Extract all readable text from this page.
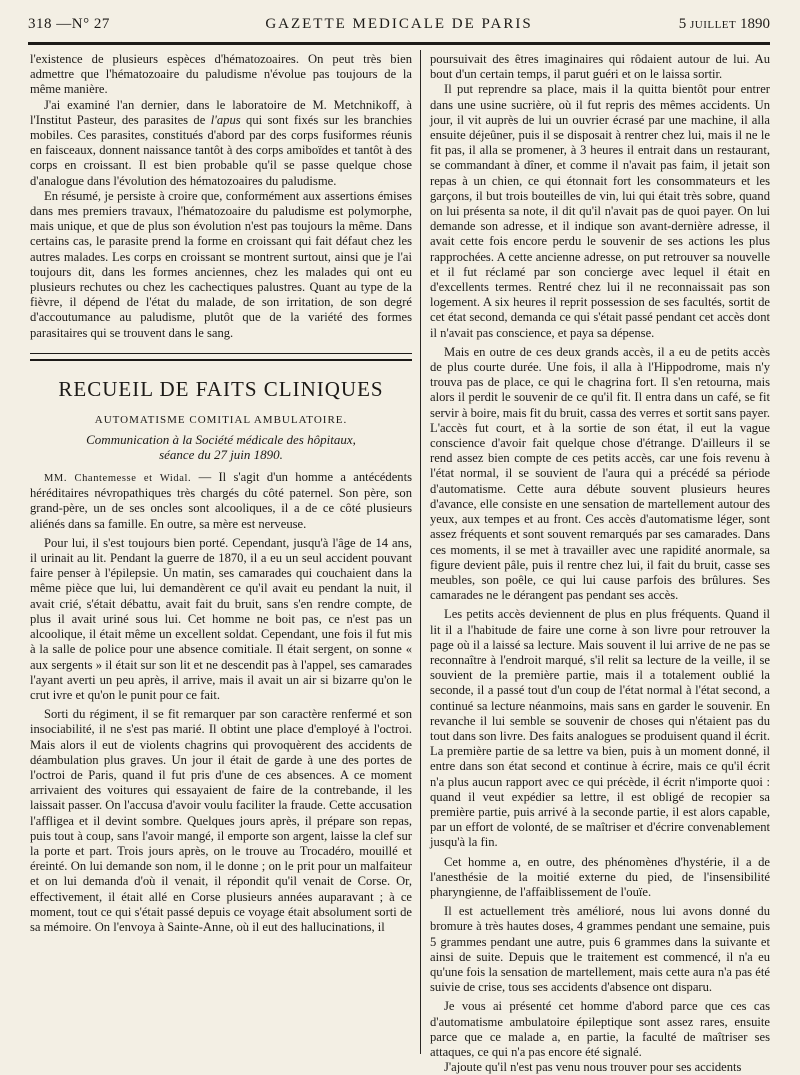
318 —N° 27	GAZETTE MEDICALE DE PARIS	5 JUILLET 1890

l'existence de plusieurs espèces d'hématozoaires. On peut très bien admettre que l'hématozoaire du paludisme n'évolue pas toujours de la même manière.

J'ai examiné l'an dernier, dans le laboratoire de M. Metchnikoff, à l'Institut Pasteur, des parasites de l'apus qui sont fixés sur les branchies mobiles. Ces parasites, constitués d'abord par des corps fusiformes réunis en faisceaux, donnent naissance tantôt à des corps amiboïdes et tantôt à des corps en croissant. Il est bien probable qu'il se passe quelque chose d'analogue dans l'évolution des hématozoaires du paludisme.

En résumé, je persiste à croire que, conformément aux assertions émises dans mes premiers travaux, l'hématozoaire du paludisme est polymorphe, mais unique, et que de plus son évolution n'est pas toujours la même. Dans certains cas, le parasite prend la forme en croissant qui fait défaut chez les autres malades. Les corps en croissant se montrent surtout, ainsi que je l'ai toujours dit, dans les formes anciennes, chez les malades qui ont eu plusieurs rechutes ou chez les cachectiques palustres. Quant au type de la fièvre, il dépend de l'état du malade, de son irritation, de son degré d'accoutumance au paludisme, plutôt que de la variété des formes parasitaires qui se trouvent dans le sang.

RECUEIL DE FAITS CLINIQUES
AUTOMATISME COMITIAL AMBULATOIRE.
Communication à la Société médicale des hôpitaux,
séance du 27 juin 1890.

MM. Chantemesse et Widal. — Il s'agit d'un homme a antécédents héréditaires névropathiques très chargés du côté paternel. Son père, son grand-père, un de ses oncles sont alcooliques, il a de ce côté plusieurs aliénés dans sa famille. En outre, sa mère est nerveuse.

Pour lui, il s'est toujours bien porté. Cependant, jusqu'à l'âge de 14 ans, il urinait au lit. Pendant la guerre de 1870, il a eu un seul accident pouvant faire penser à l'épilepsie. Un matin, ses camarades qui couchaient dans la même pièce que lui, lui demandèrent ce qu'il avait eu pendant la nuit, il avait crié, s'était débattu, avait fait du bruit, sans s'en rendre compte, de plus il avait uriné sous lui. Cet homme ne boit pas, ce n'est pas un alcoolique, il était même un excellent soldat. Cependant, une fois il fut mis à la salle de police pour une absence comitiale. Il était sergent, on sonne « aux sergents » il était sur son lit et ne descendit pas à l'appel, ses camarades l'ayant averti un peu après, il arrive, mais il avait un air si bizarre qu'on le crut ivre et qu'on le punit pour ce fait.

Sorti du régiment, il se fit remarquer par son caractère renfermé et son insociabilité, il ne s'est pas marié. Il obtint une place d'employé à l'octroi. Mais alors il eut de violents chagrins qui provoquèrent des accidents de déambulation plus graves. Un jour il était de garde à une des portes de l'octroi de Paris, quand il fut pris d'une de ces absences. A ce moment arrivaient des voitures qui essayaient de faire de la contrebande, il les laissait passer. On l'accusa d'avoir voulu faciliter la fraude. Cette accusation l'affligea et il devint sombre. Quelques jours après, il prépare son repas, puis tout à coup, sans l'avoir mangé, il emporte son argent, laisse la clef sur la porte et part. Trois jours après, on le trouve au Trocadéro, mouillé et éreinté. On lui demande son nom, il le donne ; on le prit pour un malfaiteur et on lui demanda d'où il venait, il répondit qu'il venait de Corse. Or, effectivement, il était allé en Corse plusieurs années auparavant ; à ce moment, tout ce qui s'était passé depuis ce voyage était absolument sorti de sa mémoire. On l'envoya à Sainte-Anne, où il eut des hallucinations, il

poursuivait des êtres imaginaires qui rôdaient autour de lui. Au bout d'un certain temps, il parut guéri et on le laissa sortir.

Il put reprendre sa place, mais il la quitta bientôt pour entrer dans une usine sucrière, où il fut repris des mêmes accidents. Un jour, il vit auprès de lui un ouvrier écrasé par une machine, il alla ensuite déjeûner, puis il se disposait à rentrer chez lui, mais il ne le fit pas, il alla se promener, à 3 heures il entrait dans un restaurant, se commandant à dîner, et comme il n'avait pas faim, il jetait son repas à un chien, ce qui étonnait fort les consommateurs et les garçons, il but trois bouteilles de vin, lui qui était très sobre, quand on lui présenta sa note, il dit qu'il n'avait pas de quoi payer. On lui demande son adresse, et il indique son avant-dernière adresse, il avait cette fois encore perdu le souvenir de ses actions les plus rapprochées. A cette ancienne adresse, on put retrouver sa nouvelle et il fut réclamé par son concierge avec lequel il était en d'excellents termes. Rentré chez lui il ne reconnaissait pas son logement. A six heures il reprit possession de ses facultés, sortit de cet état second, demanda ce qui s'était passé pendant cet accès dont il n'avait pas conscience, et paya sa dépense.

Mais en outre de ces deux grands accès, il a eu de petits accès de plus courte durée. Une fois, il alla à l'Hippodrome, mais n'y trouva pas de place, ce qui le chagrina fort. Il s'en retourna, mais alors il perdit le souvenir de ce qu'il fit. Il entra dans un café, se fit servir à boire, mais fit du bruit, cassa des verres et sortit sans payer. L'accès fut court, et à la sortie de son état, il eut la vague conscience d'avoir fait quelque chose d'étrange. D'ailleurs il se rend assez bien compte de ces petits accès, car une fois revenu à l'état normal, il se souvient de l'aura qui a précédé sa période d'automatisme. Cette aura débute souvent plusieurs heures d'avance, elle consiste en une sensation de martellement autour des yeux, aux tempes et au front. Ces accès d'automatisme léger, sont assez fréquents et sont souvent remarqués par ses camarades. Dans ces moments, il se met à travailler avec une rapidité anormale, sa figure devient pâle, puis il rentre chez lui, il fait du bruit, casse ses meubles, son poêle, ce qui lui cause parfois des brûlures. Ses camarades ne le dérangent pas pendant ses accès.

Les petits accès deviennent de plus en plus fréquents. Quand il lit il a l'habitude de faire une corne à son livre pour retrouver la page où il a laissé sa lecture. Mais souvent il lui arrive de ne pas se reconnaître à l'endroit marqué, s'il relit sa lecture de la veille, il se souvient de la première partie, mais il a totalement oublié la seconde, il a passé tout d'un coup de l'état normal à l'état second, a continué sa lecture néanmoins, mais sans en garder le souvenir. En revanche il lui semble se souvenir de choses qui n'étaient pas du tout dans son livre. Des faits analogues se produisent quand il écrit. La première partie de sa lettre va bien, puis à un moment donné, il entre dans son état second et continue à écrire, mais ce qu'il écrit n'a plus aucun rapport avec ce qui précède, il écrit n'importe quoi : quand il veut expédier sa lettre, il est obligé de recopier sa première partie, puis arrivé à la seconde partie, il est alors capable, par un effort de volonté, de se maîtriser et d'écrire convenablement jusqu'à la fin.

Cet homme a, en outre, des phénomènes d'hystérie, il a de l'anesthésie de la moitié externe du pied, de l'insensibilité pharyngienne, de l'affaiblissement de l'ouïe.

Il est actuellement très amélioré, nous lui avons donné du bromure à très hautes doses, 4 grammes pendant une semaine, puis 5 grammes pendant une autre, puis 6 grammes dans la suivante et ainsi de suite. Depuis que le traitement est commencé, il n'a eu qu'une fois la sensation de martellement, mais cette aura n'a pas été suivie de crise, tous ses accidents d'absence ont disparu.

Je vous ai présenté cet homme d'abord parce que ces cas d'automatisme ambulatoire épileptique sont assez rares, ensuite parce que ce malade a, en partie, la faculté de maîtriser ses attaques, ce qui n'a pas encore été signalé.

J'ajoute qu'il n'est pas venu nous trouver pour ses accidents
